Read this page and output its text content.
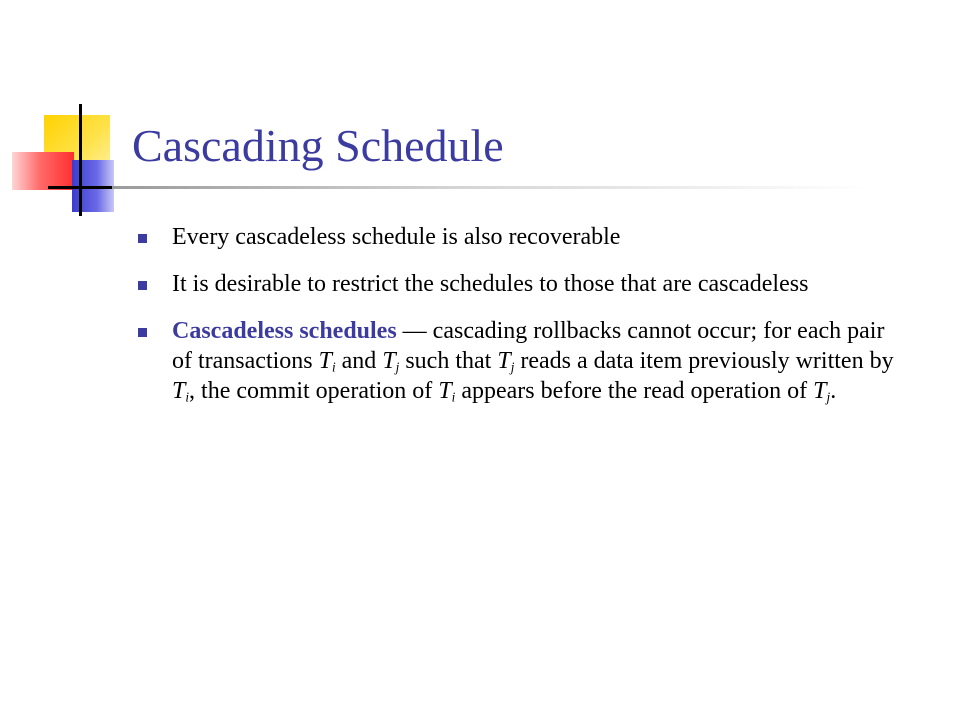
Cascading Schedule
Every cascadeless schedule is also recoverable
It is desirable to restrict the schedules to those that are cascadeless
Cascadeless schedules — cascading rollbacks cannot occur; for each pair of transactions $T_i$ and $T_j$ such that $T_j$ reads a data item previously written by $T_i$, the commit operation of $T_i$ appears before the read operation of $T_j$.
